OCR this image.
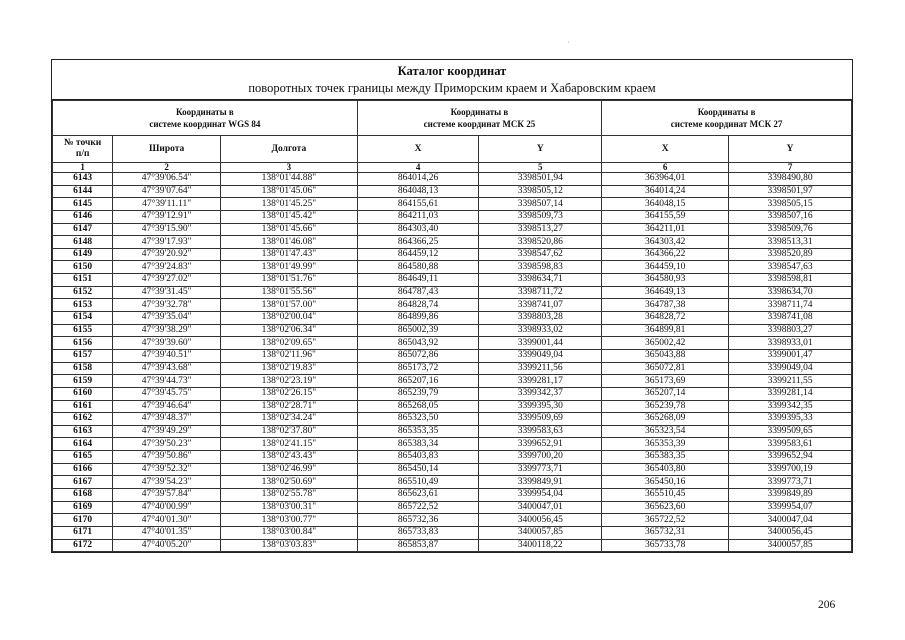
·
Каталог координат
поворотных точек границы между Приморским краем и Хабаровским краем
Координаты в
системе координат WGS 84			Координаты в
системе координат МСК 25		Координаты в
системе координат МСК 27	
№ точки
п/п	Широта	Долгота	X	Y	X	Y
1	2	3	4	5	6	7
6143	47°39'06.54"	138°01'44.88"	864014,26	3398501,94	363964,01	3398490,80
6144	47°39'07.64"	138°01'45.06"	864048,13	3398505,12	364014,24	3398501,97
6145	47°39'11.11"	138°01'45.25"	864155,61	3398507,14	364048,15	3398505,15
6146	47°39'12.91"	138°01'45.42"	864211,03	3398509,73	364155,59	3398507,16
6147	47°39'15.90"	138°01'45.66"	864303,40	3398513,27	364211,01	3398509,76
6148	47°39'17.93"	138°01'46.08"	864366,25	3398520,86	364303,42	3398513,31
6149	47°39'20.92"	138°01'47.43"	864459,12	3398547,62	364366,22	3398520,89
6150	47°39'24.83"	138°01'49.99"	864580,88	3398598,83	364459,10	3398547,63
6151	47°39'27.02"	138°01'51.76"	864649,11	3398634,71	364580,93	3398598,81
6152	47°39'31.45"	138°01'55.56"	864787,43	3398711,72	364649,13	3398634,70
6153	47°39'32.78"	138°01'57.00"	864828,74	3398741,07	364787,38	3398711,74
6154	47°39'35.04"	138°02'00.04"	864899,86	3398803,28	364828,72	3398741,08
6155	47°39'38.29"	138°02'06.34"	865002,39	3398933,02	364899,81	3398803,27
6156	47°39'39.60"	138°02'09.65"	865043,92	3399001,44	365002,42	3398933,01
6157	47°39'40.51"	138°02'11.96"	865072,86	3399049,04	365043,88	3399001,47
6158	47°39'43.68"	138°02'19.83"	865173,72	3399211,56	365072,81	3399049,04
6159	47°39'44.73"	138°02'23.19"	865207,16	3399281,17	365173,69	3399211,55
6160	47°39'45.75"	138°02'26.15"	865239,79	3399342,37	365207,14	3399281,14
6161	47°39'46.64"	138°02'28.71"	865268,05	3399395,30	365239,78	3399342,35
6162	47°39'48.37"	138°02'34.24"	865323,50	3399509,69	365268,09	3399395,33
6163	47°39'49.29"	138°02'37.80"	865353,35	3399583,63	365323,54	3399509,65
6164	47°39'50.23"	138°02'41.15"	865383,34	3399652,91	365353,39	3399583,61
6165	47°39'50.86"	138°02'43.43"	865403,83	3399700,20	365383,35	3399652,94
6166	47°39'52.32"	138°02'46.99"	865450,14	3399773,71	365403,80	3399700,19
6167	47°39'54.23"	138°02'50.69"	865510,49	3399849,91	365450,16	3399773,71
6168	47°39'57.84"	138°02'55.78"	865623,61	3399954,04	365510,45	3399849,89
6169	47°40'00.99"	138°03'00.31"	865722,52	3400047,01	365623,60	3399954,07
6170	47°40'01.30"	138°03'00.77"	865732,36	3400056,45	365722,52	3400047,04
6171	47°40'01.35"	138°03'00.84"	865733,83	3400057,85	365732,31	3400056,45
6172	47°40'05.20"	138°03'03.83"	865853,87	3400118,22	365733,78	3400057,85
206
